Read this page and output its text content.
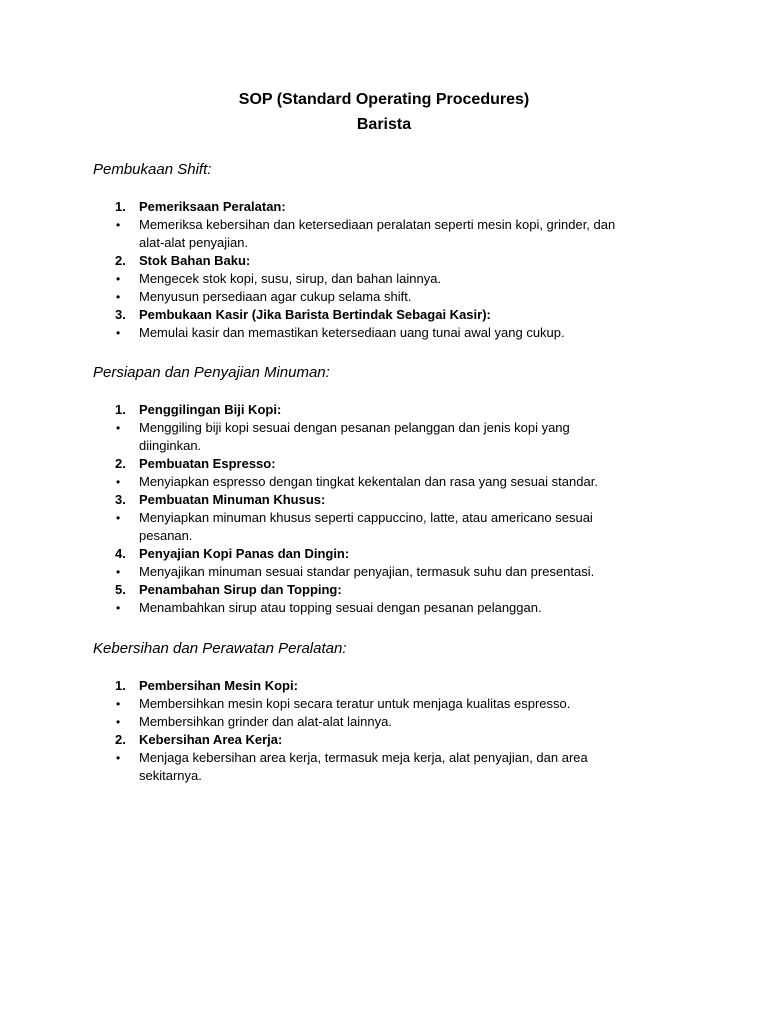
SOP (Standard Operating Procedures)
Barista
Pembukaan Shift:
1. Pemeriksaan Peralatan:
• Memeriksa kebersihan dan ketersediaan peralatan seperti mesin kopi, grinder, dan
alat-alat penyajian.
2. Stok Bahan Baku:
• Mengecek stok kopi, susu, sirup, dan bahan lainnya.
• Menyusun persediaan agar cukup selama shift.
3. Pembukaan Kasir (Jika Barista Bertindak Sebagai Kasir):
• Memulai kasir dan memastikan ketersediaan uang tunai awal yang cukup.
Persiapan dan Penyajian Minuman:
1. Penggilingan Biji Kopi:
• Menggiling biji kopi sesuai dengan pesanan pelanggan dan jenis kopi yang
diinginkan.
2. Pembuatan Espresso:
• Menyiapkan espresso dengan tingkat kekentalan dan rasa yang sesuai standar.
3. Pembuatan Minuman Khusus:
• Menyiapkan minuman khusus seperti cappuccino, latte, atau americano sesuai
pesanan.
4. Penyajian Kopi Panas dan Dingin:
• Menyajikan minuman sesuai standar penyajian, termasuk suhu dan presentasi.
5. Penambahan Sirup dan Topping:
• Menambahkan sirup atau topping sesuai dengan pesanan pelanggan.
Kebersihan dan Perawatan Peralatan:
1. Pembersihan Mesin Kopi:
• Membersihkan mesin kopi secara teratur untuk menjaga kualitas espresso.
• Membersihkan grinder dan alat-alat lainnya.
2. Kebersihan Area Kerja:
• Menjaga kebersihan area kerja, termasuk meja kerja, alat penyajian, dan area
sekitarnya.
